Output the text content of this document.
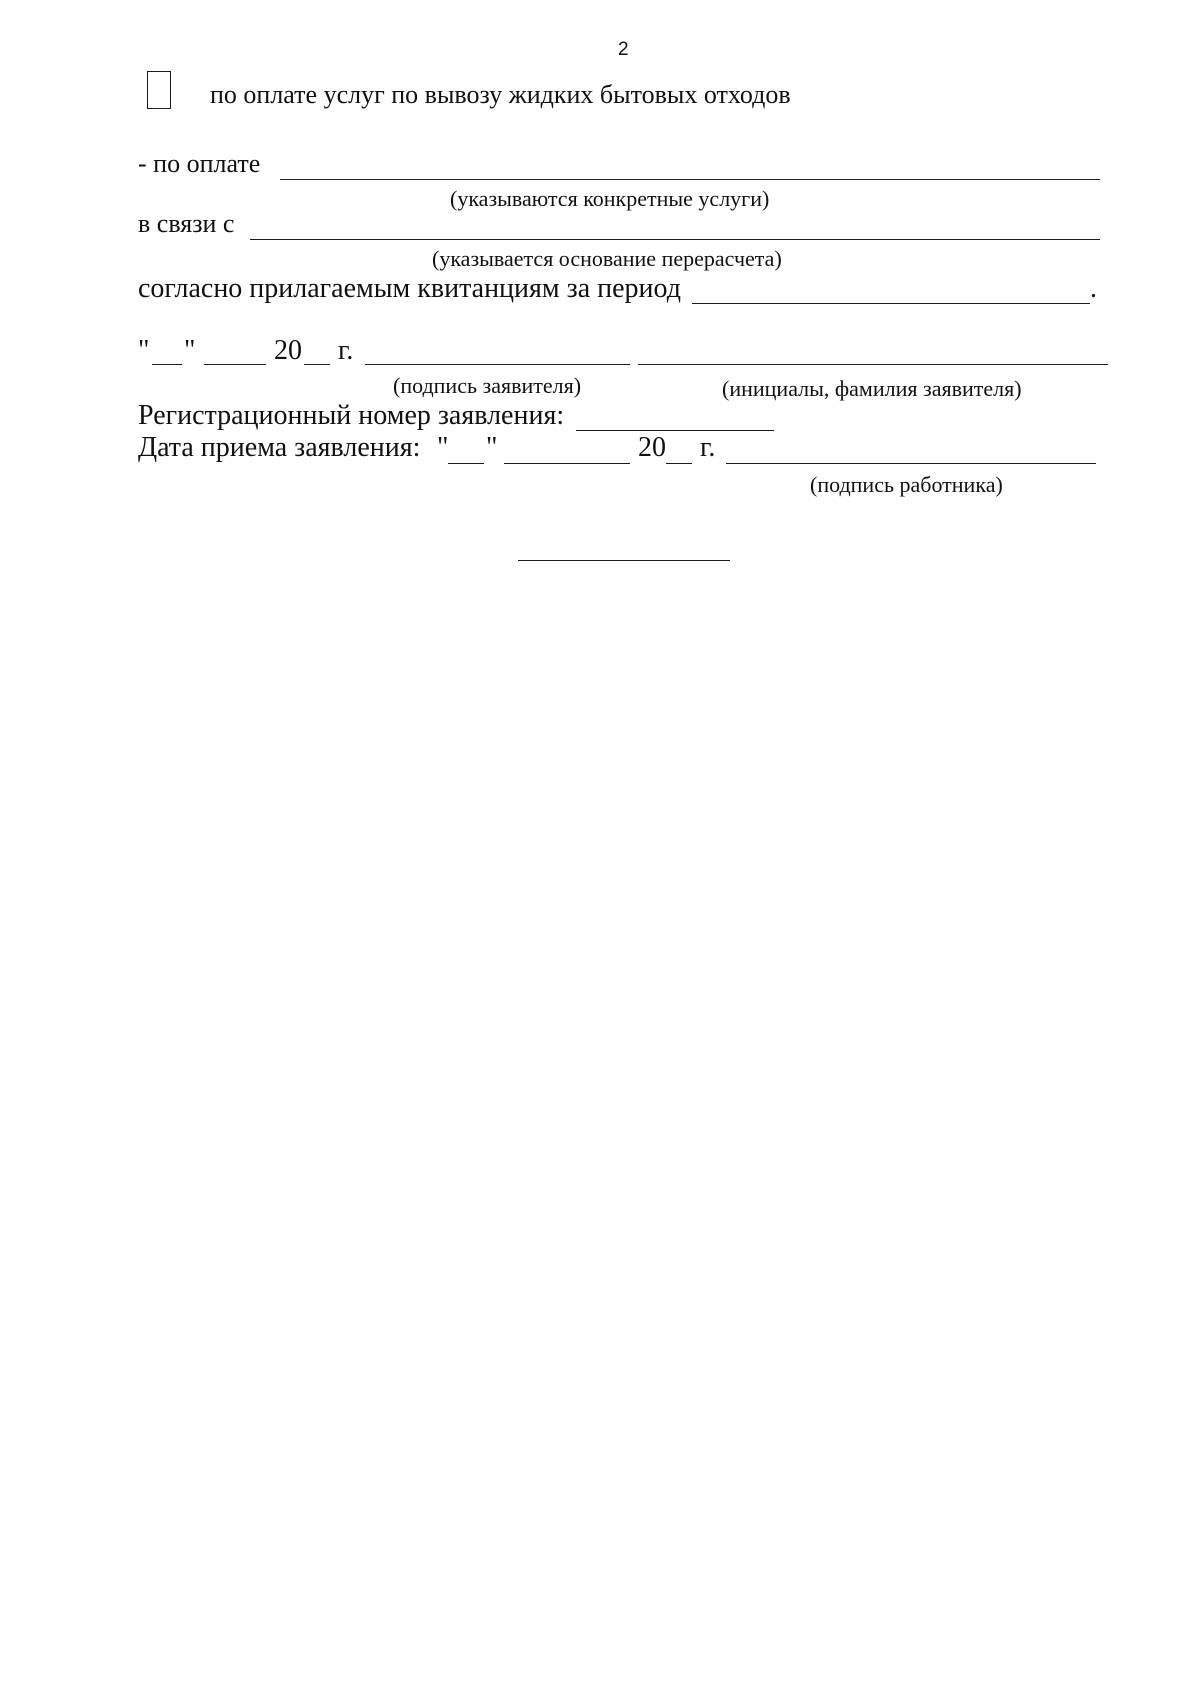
2
по оплате услуг по вывозу жидких бытовых отходов
- по оплате
(указываются конкретные услуги)
в связи с
(указывается основание перерасчета)
согласно прилагаемым квитанциям за период	.
" "	20 г.
(подпись заявителя)	(инициалы, фамилия заявителя)
Регистрационный номер заявления:
Дата приема заявления: " "	20 г.
(подпись работника)
